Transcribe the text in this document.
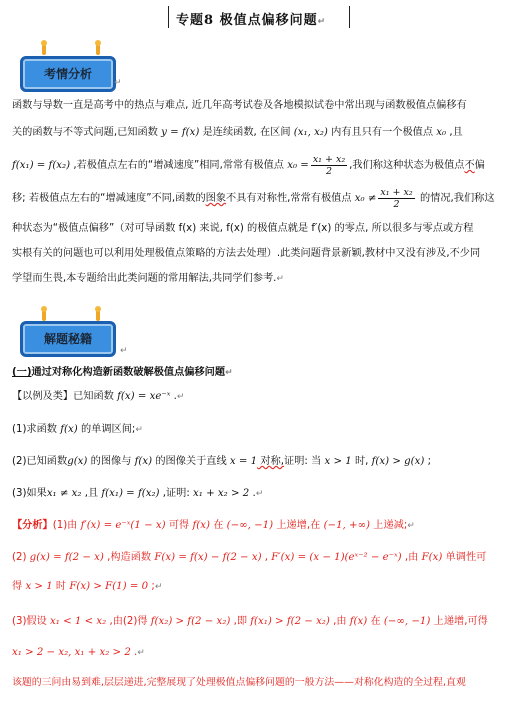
专题8 极值点偏移问题↵
考情分析
↵
函数与导数一直是高考中的热点与难点, 近几年高考试卷及各地模拟试卷中常出现与函数极值点偏移有
关的函数与不等式问题,已知函数 y = f(x) 是连续函数, 在区间 (x₁, x₂) 内有且只有一个极值点 x₀ ,且
f(x₁) = f(x₂) ,若极值点左右的“增减速度”相同,常常有极值点 $x_0 = \frac{\text{x₁ + x₂}}{2}$ ,我们称这种状态为极值点不偏
移; 若极值点左右的“增减速度”不同,函数的图象不具有对称性,常常有极值点 $x_0 \ne \frac{\text{x₁ + x₂}}{2}$ 的情况,我们称这
种状态为“极值点偏移”（对可导函数 f(x) 来说, f(x) 的极值点就是 f′(x) 的零点, 所以很多与零点或方程
实根有关的问题也可以利用处理极值点策略的方法去处理）.此类问题背景新颖,教材中又没有涉及,不少同
学望而生畏,本专题给出此类问题的常用解法,共同学们参考.↵
解题秘籍
↵
(一)通过对称化构造新函数破解极值点偏移问题↵
【以例及类】已知函数 f(x) = xe⁻ˣ .↵
(1)求函数 f(x) 的单调区间;↵
(2)已知函数g(x) 的图像与 f(x) 的图像关于直线 x = 1 对称,证明: 当 x > 1 时, f(x) > g(x) ;
(3)如果x₁ ≠ x₂ ,且 f(x₁) = f(x₂) ,证明: x₁ + x₂ > 2 .↵
【分析】(1)由 f′(x) = e⁻ˣ(1 − x) 可得 f(x) 在 (−∞, −1) 上递增,在 (−1, +∞) 上递减;↵
(2) g(x) = f(2 − x) ,构造函数 F(x) = f(x) − f(2 − x) , F′(x) = (x − 1)(eˣ⁻² − e⁻ˣ) ,由 F(x) 单调性可
得 x > 1 时 F(x) > F(1) = 0 ;↵
(3)假设 x₁ < 1 < x₂ ,由(2)得 f(x₂) > f(2 − x₂) ,即 f(x₁) > f(2 − x₂) ,由 f(x) 在 (−∞, −1) 上递增,可得
x₁ > 2 − x₂, x₁ + x₂ > 2 .↵
该题的三问由易到难,层层递进,完整展现了处理极值点偏移问题的一般方法——对称化构造的全过程,直观
